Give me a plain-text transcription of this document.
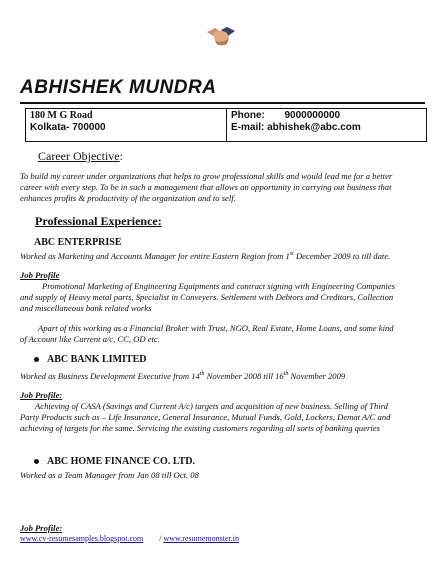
ABHISHEK MUNDRA
180 M G Road
Kolkata- 700000
Phone: 9000000000
E-mail: abhishek@abc.com
Career Objective:
To build my career under organizations that helps to grow professional skills and would lead me for a better
career with every step. To be in such a management that allows an opportunity in carrying out business that
enhances profits & productivity of the organization and to self.
Professional Experience:
ABC ENTERPRISE
Worked as Marketing and Accounts Manager for entire Eastern Region from 1st December 2009 to till date.
Job Profile
Promotional Marketing of Engineering Equipments and contract signing with Engineering Companies
and supply of Heavy metal parts, Specialist in Conveyers. Settlement with Debtors and Creditors, Collection
and miscellaneous bank related works
Apart of this working as a Financial Broker with Trust, NGO, Real Estate, Home Loans, and some kind
of Account like Current a/c, CC, OD etc.
ABC BANK LIMITED
Worked as Business Development Executive from 14th November 2008 till 16th November 2009
Job Profile:
Achieving of CASA (Savings and Current A/c) targets and acquisition of new business. Selling of Third
Party Products such as – Life Insurance, General Insurance, Mutual Funds, Gold, Lockers, Demat A/C and
achieving of targets for the same. Servicing the existing customers regarding all sorts of banking queries
ABC HOME FINANCE CO. LTD.
Worked as a Team Manager from Jan 08 till Oct. 08
Job Profile:
www.cv-resumesamples.blogspot.com / www.resumemonster.in
